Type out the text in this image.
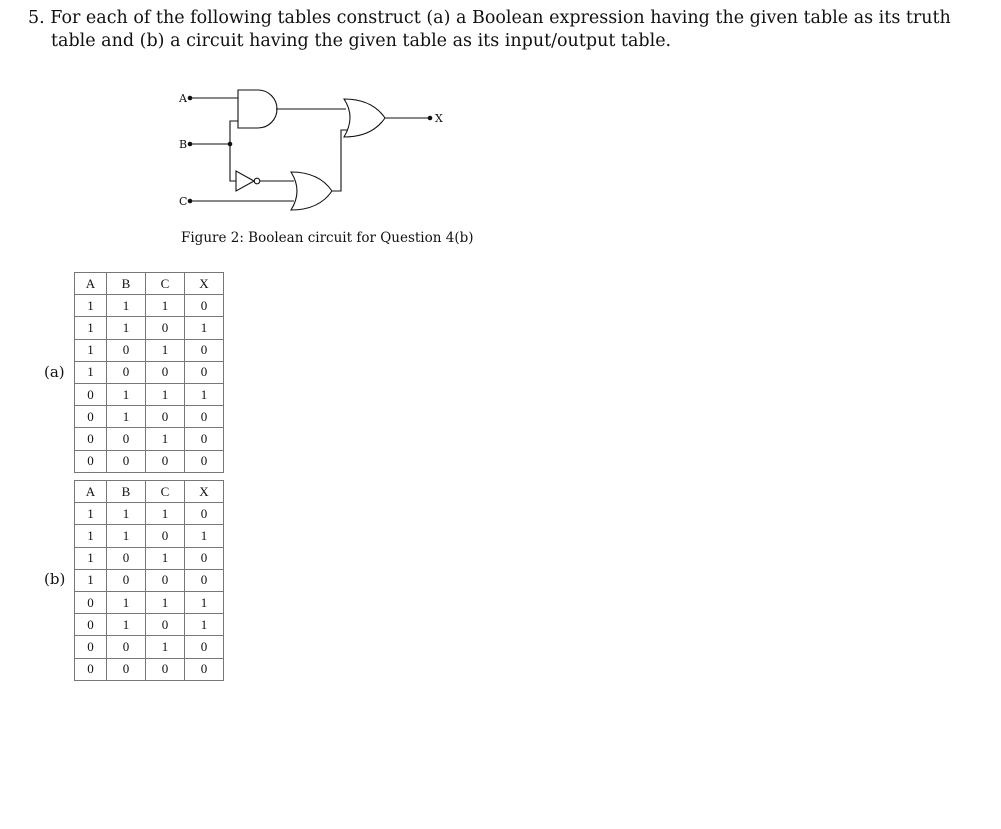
5. For each of the following tables construct (a) a Boolean expression having the given table as its truth
table and (b) a circuit having the given table as its input/output table.
A
B
C
X
Figure 2: Boolean circuit for Question 4(b)
(a)
A	B	C	X
1	1	1	0
1	1	0	1
1	0	1	0
1	0	0	0
0	1	1	1
0	1	0	0
0	0	1	0
0	0	0	0
(b)
A	B	C	X
1	1	1	0
1	1	0	1
1	0	1	0
1	0	0	0
0	1	1	1
0	1	0	1
0	0	1	0
0	0	0	0
